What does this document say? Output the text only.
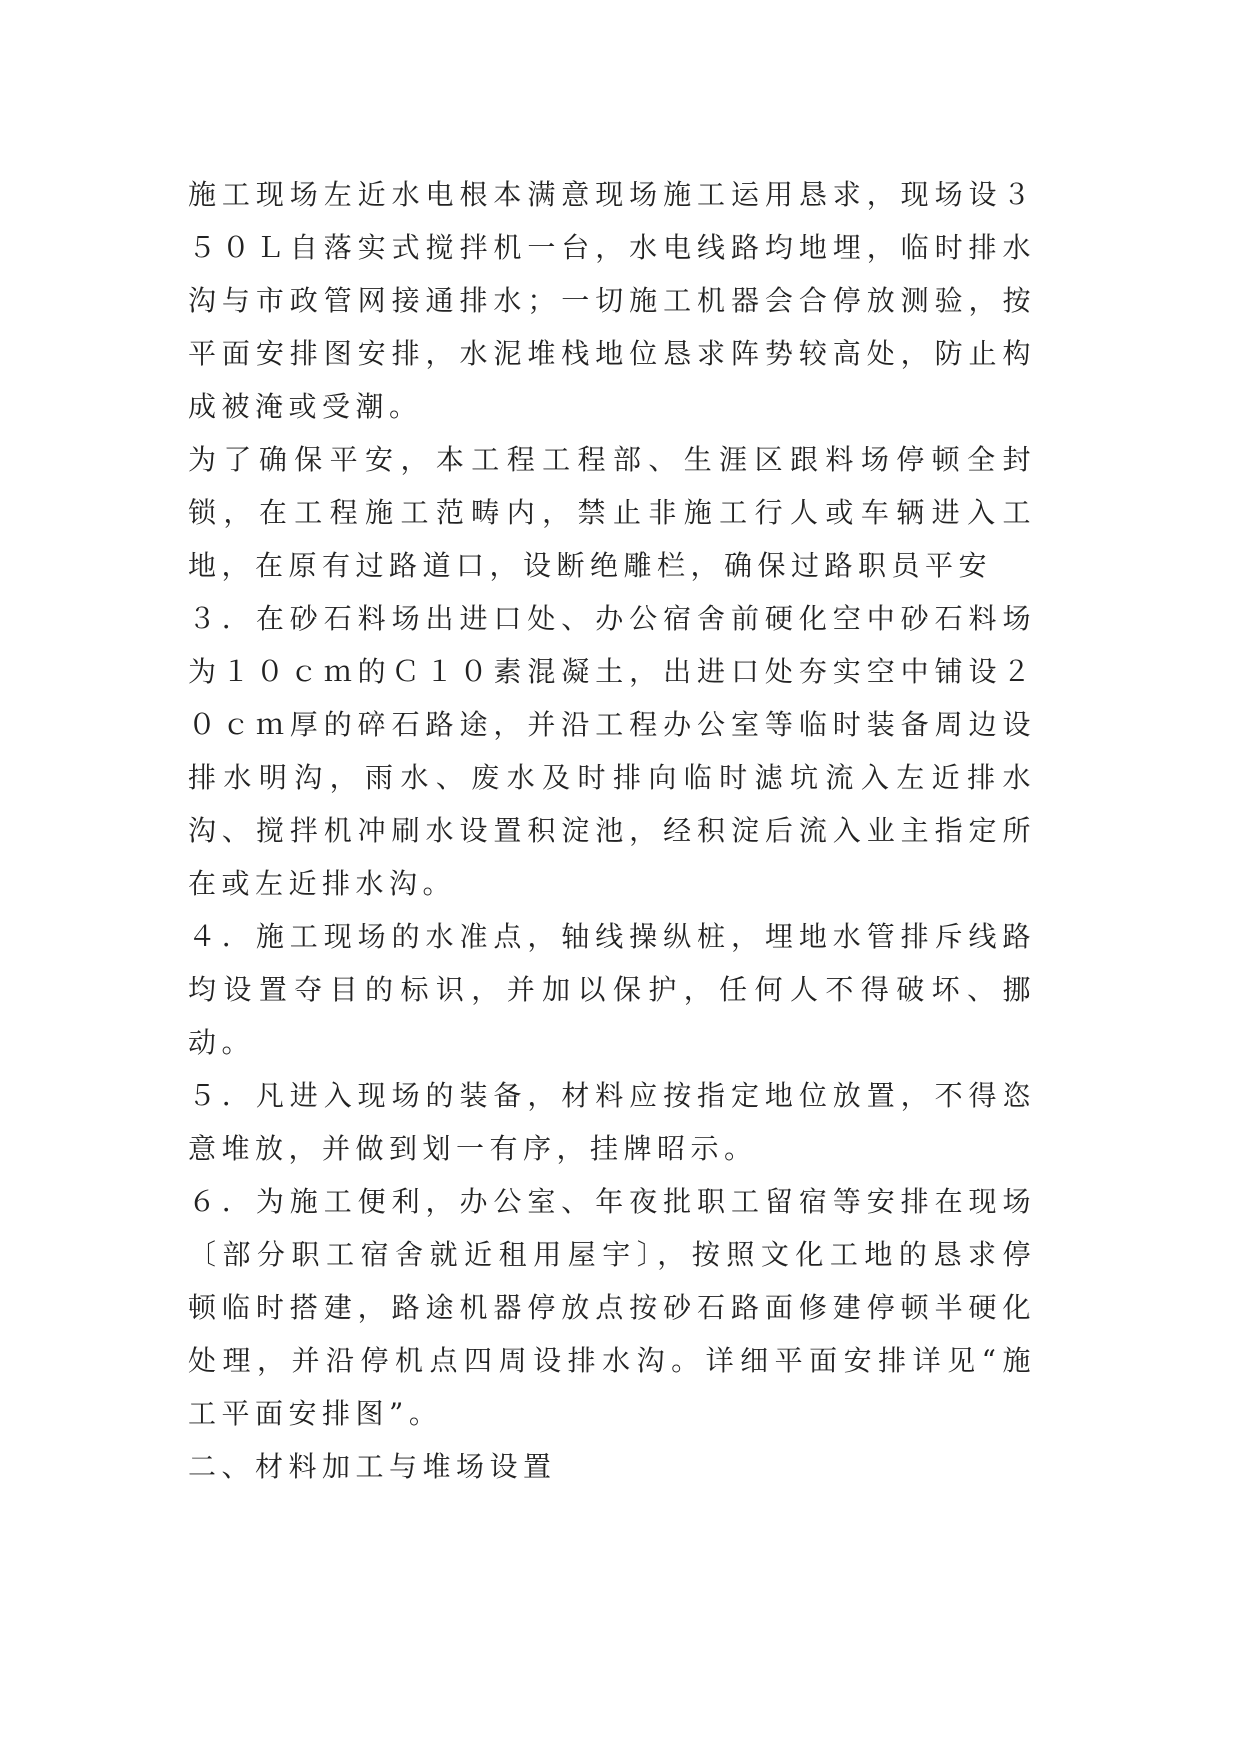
施工现场左近水电根本满意现场施工运用恳求，现场设３５０Ｌ自落实式搅拌机一台，水电线路均地埋，临时排水沟与市政管网接通排水；一切施工机器会合停放测验，按平面安排图安排，水泥堆栈地位恳求阵势较高处，防止构成被淹或受潮。

为了确保平安，本工程工程部、生涯区跟料场停顿全封锁，在工程施工范畴内，禁止非施工行人或车辆进入工地，在原有过路道口，设断绝雕栏，确保过路职员平安

３．在砂石料场出进口处、办公宿舍前硬化空中砂石料场为１０ｃｍ的Ｃ１０素混凝土，出进口处夯实空中铺设２０ｃｍ厚的碎石路途，并沿工程办公室等临时装备周边设排水明沟，雨水、废水及时排向临时滤坑流入左近排水沟、搅拌机冲刷水设置积淀池，经积淀后流入业主指定所在或左近排水沟。

４．施工现场的水准点，轴线操纵桩，埋地水管排斥线路均设置夺目的标识，并加以保护，任何人不得破坏、挪动。

５．凡进入现场的装备，材料应按指定地位放置，不得恣意堆放，并做到划一有序，挂牌昭示。

６．为施工便利，办公室、年夜批职工留宿等安排在现场〔部分职工宿舍就近租用屋宇〕，按照文化工地的恳求停顿临时搭建，路途机器停放点按砂石路面修建停顿半硬化处理，并沿停机点四周设排水沟。详细平面安排详见“施工平面安排图”。

二、材料加工与堆场设置
